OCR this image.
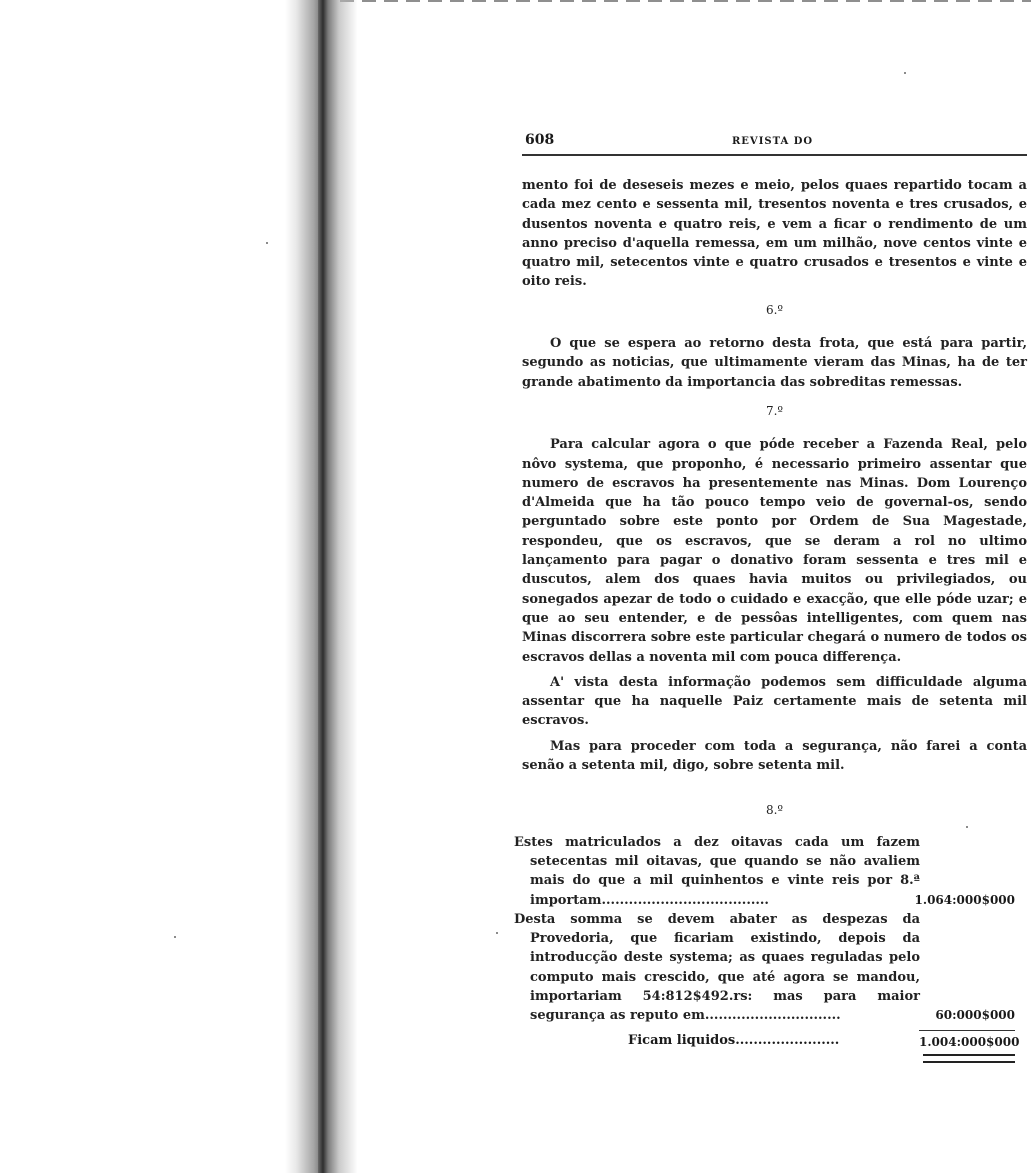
608	REVISTA DO

mento foi de deseseis mezes e meio, pelos quaes repartido tocam a cada mez cento e sessenta mil, tresentos noventa e tres crusados, e dusentos noventa e quatro reis, e vem a ficar o rendimento de um anno preciso d'aquella remessa, em um milhão, nove centos vinte e quatro mil, setecentos vinte e quatro crusados e tresentos e vinte e oito reis.

6.º

O que se espera ao retorno desta frota, que está para partir, segundo as noticias, que ultimamente vieram das Minas, ha de ter grande abatimento da importancia das sobreditas remessas.

7.º

Para calcular agora o que póde receber a Fazenda Real, pelo nôvo systema, que proponho, é necessario primeiro assentar que numero de escravos ha presentemente nas Minas. Dom Lourenço d'Almeida que ha tão pouco tempo veio de governal-os, sendo perguntado sobre este ponto por Ordem de Sua Magestade, respondeu, que os escravos, que se deram a rol no ultimo lançamento para pagar o donativo foram sessenta e tres mil e duscutos, alem dos quaes havia muitos ou privilegiados, ou sonegados apezar de todo o cuidado e exacção, que elle póde uzar; e que ao seu entender, e de pessôas intelligentes, com quem nas Minas discorrera sobre este particular chegará o numero de todos os escravos dellas a noventa mil com pouca differença.

A' vista desta informação podemos sem difficuldade alguma assentar que ha naquelle Paiz certamente mais de setenta mil escravos.

Mas para proceder com toda a segurança, não farei a conta senão a setenta mil, digo, sobre setenta mil.

8.º
Estes matriculados a dez oitavas cada um fazem setecentas mil oitavas, que quando se não avaliem mais do que a mil quinhentos e vinte reis por 8.ª importam.....................................	1.064:000$000
Desta somma se devem abater as despezas da Provedoria, que ficariam existindo, depois da introducção deste systema; as quaes reguladas pelo computo mais crescido, que até agora se mandou, importariam 54:812$492.rs: mas para maior segurança as reputo em..............................	60:000$000
Ficam liquidos.......................	1.004:000$000
